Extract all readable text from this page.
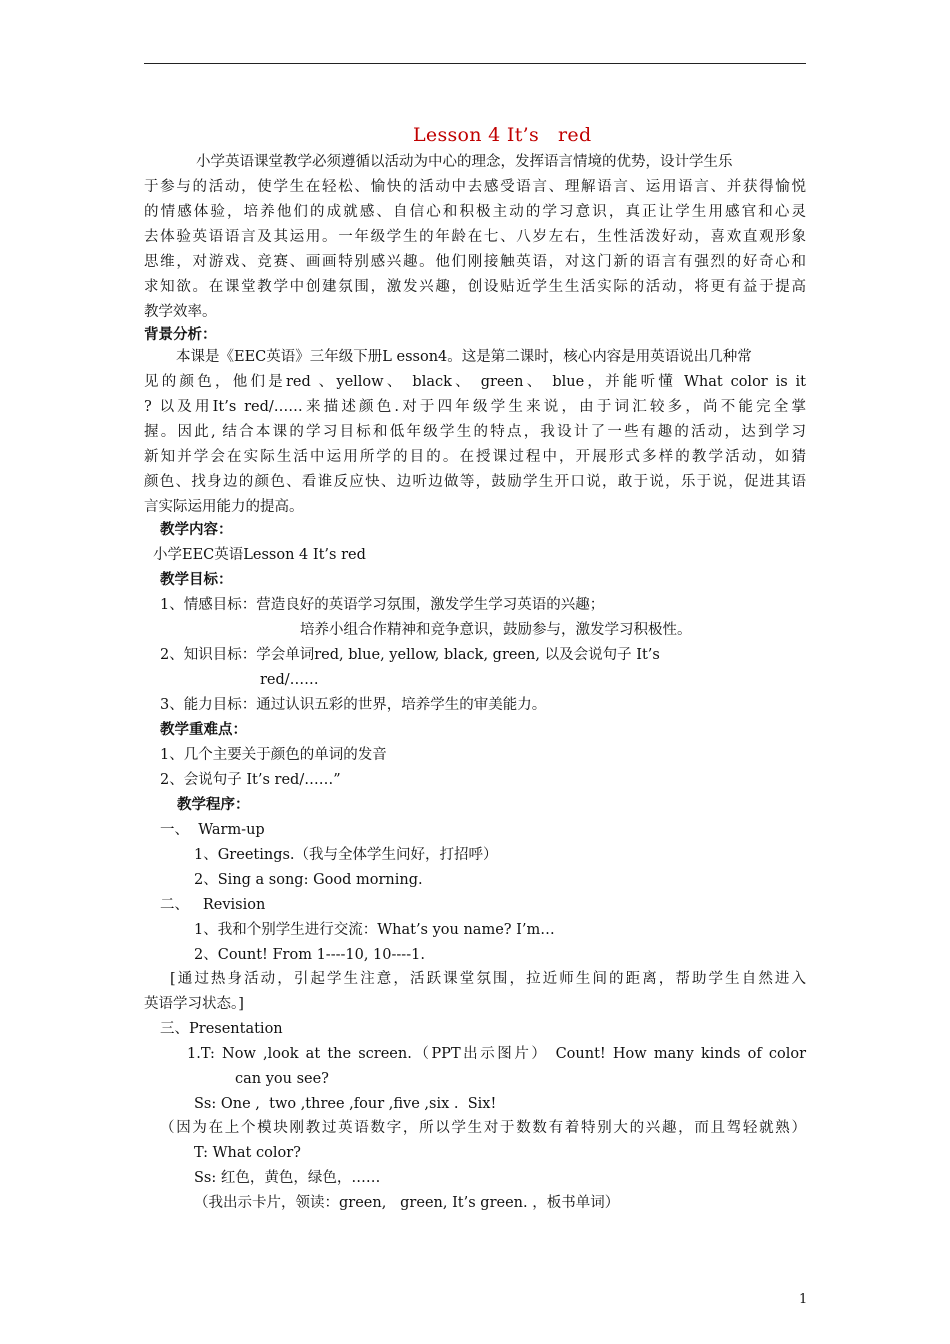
Lesson 4 It’s   red
小学英语课堂教学必须遵循以活动为中心的理念，发挥语言情境的优势，设计学生乐
于参与的活动，使学生在轻松、愉快的活动中去感受语言、理解语言、运用语言、并获得愉悦
的情感体验，培养他们的成就感、自信心和积极主动的学习意识，真正让学生用感官和心灵
去体验英语语言及其运用。一年级学生的年龄在七、八岁左右，生性活泼好动，喜欢直观形象
思维，对游戏、竞赛、画画特别感兴趣。他们刚接触英语，对这门新的语言有强烈的好奇心和
求知欲。在课堂教学中创建氛围，激发兴趣，创设贴近学生生活实际的活动，将更有益于提高
教学效率。
背景分析：
本课是《EEC英语》三年级下册L esson4。这是第二课时，核心内容是用英语说出几种常
见的颜色，他们是red 、yellow、 black、 green、 blue，并能听懂 What color is it
? 以及用It’s red/……来描述颜色.对于四年级学生来说，由于词汇较多，尚不能完全掌
握。因此, 结合本课的学习目标和低年级学生的特点，我设计了一些有趣的活动，达到学习
新知并学会在实际生活中运用所学的目的。在授课过程中，开展形式多样的教学活动，如猜
颜色、找身边的颜色、看谁反应快、边听边做等，鼓励学生开口说，敢于说，乐于说，促进其语
言实际运用能力的提高。
教学内容：
小学EEC英语Lesson 4 It’s red
教学目标：
1、情感目标：营造良好的英语学习氛围，激发学生学习英语的兴趣；
培养小组合作精神和竞争意识，鼓励参与，激发学习积极性。
2、知识目标：学会单词red, blue, yellow, black, green, 以及会说句子 It’s
red/……
3、能力目标：通过认识五彩的世界，培养学生的审美能力。
教学重难点：
1、几个主要关于颜色的单词的发音
2、会说句子 It’s red/……”
教学程序：
一、  Warm-up
1、Greetings.（我与全体学生问好，打招呼）
2、Sing a song: Good morning.
二、   Revision
1、我和个别学生进行交流：What’s you name? I’m…
2、Count! From 1----10, 10----1.
[通过热身活动，引起学生注意，活跃课堂氛围，拉近师生间的距离，帮助学生自然进入
英语学习状态。]
三、Presentation
1.T: Now ,look at the screen.（PPT出示图片） Count! How many kinds of color
can you see?
Ss: One ,  two ,three ,four ,five ,six .  Six!
（因为在上个模块刚教过英语数字，所以学生对于数数有着特别大的兴趣，而且驾轻就熟）
T: What color?
Ss: 红色，黄色，绿色，……
（我出示卡片，领读：green,   green, It’s green. ，板书单词）
1
